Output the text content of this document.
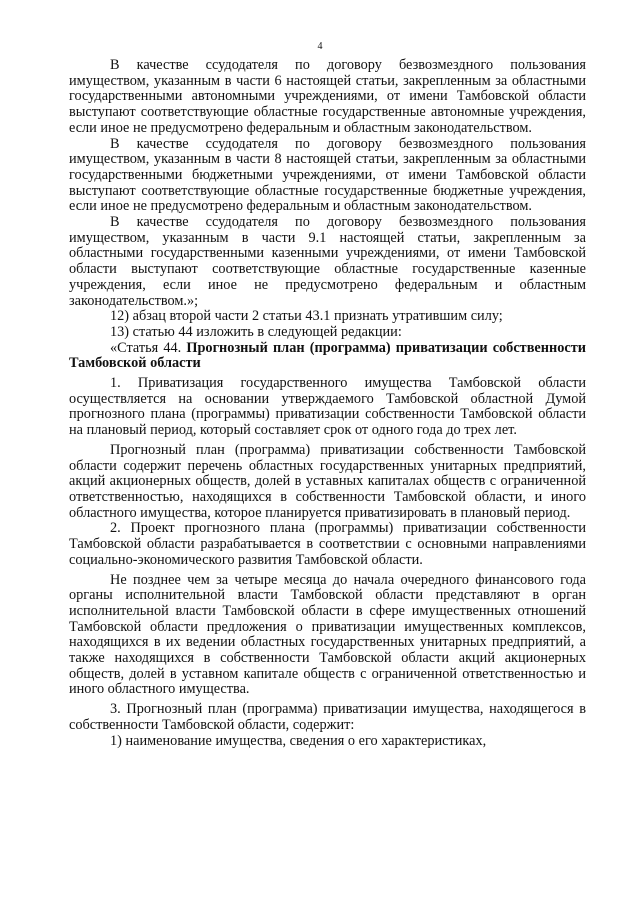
4

В качестве ссудодателя по договору безвозмездного пользования имуществом, указанным в части 6 настоящей статьи, закрепленным за областными государственными автономными учреждениями, от имени Тамбовской области выступают соответствующие областные государственные автономные учреждения, если иное не предусмотрено федеральным и областным законодательством.

В качестве ссудодателя по договору безвозмездного пользования имуществом, указанным в части 8 настоящей статьи, закрепленным за областными государственными бюджетными учреждениями, от имени Тамбовской области выступают соответствующие областные государственные бюджетные учреждения, если иное не предусмотрено федеральным и областным законодательством.

В качестве ссудодателя по договору безвозмездного пользования имуществом, указанным в части 9.1 настоящей статьи, закрепленным за областными государственными казенными учреждениями, от имени Тамбовской области выступают соответствующие областные государственные казенные учреждения, если иное не предусмотрено федеральным и областным законодательством.»;

12) абзац второй части 2 статьи 43.1 признать утратившим силу;

13) статью 44 изложить в следующей редакции:

«Статья 44. Прогнозный план (программа) приватизации собственности Тамбовской области

1. Приватизация государственного имущества Тамбовской области осуществляется на основании утверждаемого Тамбовской областной Думой прогнозного плана (программы) приватизации собственности Тамбовской области на плановый период, который составляет срок от одного года до трех лет.

Прогнозный план (программа) приватизации собственности Тамбовской области содержит перечень областных государственных унитарных предприятий, акций акционерных обществ, долей в уставных капиталах обществ с ограниченной ответственностью, находящихся в собственности Тамбовской области, и иного областного имущества, которое планируется приватизировать в плановый период.

2. Проект прогнозного плана (программы) приватизации собственности Тамбовской области разрабатывается в соответствии с основными направлениями социально-экономического развития Тамбовской области.

Не позднее чем за четыре месяца до начала очередного финансового года органы исполнительной власти Тамбовской области представляют в орган исполнительной власти Тамбовской области в сфере имущественных отношений Тамбовской области предложения о приватизации имущественных комплексов, находящихся в их ведении областных государственных унитарных предприятий, а также находящихся в собственности Тамбовской области акций акционерных обществ, долей в уставном капитале обществ с ограниченной ответственностью и иного областного имущества.

3. Прогнозный план (программа) приватизации имущества, находящегося в собственности Тамбовской области, содержит:

1) наименование имущества, сведения о его характеристиках,
